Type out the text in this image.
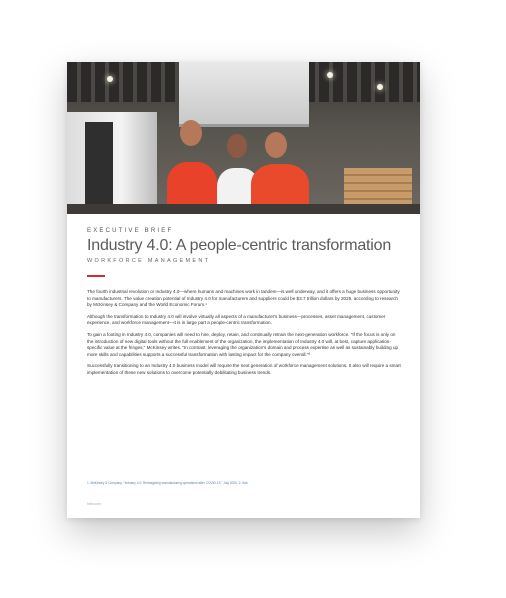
EXECUTIVE BRIEF
Industry 4.0: A people-centric transformation
WORKFORCE MANAGEMENT

The fourth industrial revolution or Industry 4.0—where humans and machines work in tandem—is well underway, and it offers a huge business opportunity to manufacturers. The value creation potential of Industry 4.0 for manufacturers and suppliers could be $3.7 trillion dollars by 2025, according to research by McKinsey & Company and the World Economic Forum.¹

Although the transformation to Industry 4.0 will involve virtually all aspects of a manufacturer's business—processes, asset management, customer experience, and workforce management—it is in large part a people-centric transformation.

To gain a footing in Industry 4.0, companies will need to hire, deploy, retain, and continually retrain the next-generation workforce. "If the focus is only on the introduction of new digital tools without the full enablement of the organization, the implementation of Industry 4.0 will, at best, capture application-specific value at the fringes," McKinsey writes. "In contrast, leveraging the organization's domain and process expertise as well as sustainably building up more skills and capabilities supports a successful transformation with lasting impact for the company overall."²

Successfully transitioning to an Industry 4.0 business model will require the next generation of workforce management solutions. It also will require a smart implementation of these new solutions to overcome potentially debilitating business trends.

1. McKinsey & Company, "Industry 4.0: Reimagining manufacturing operations after COVID-19," July 2020. 2. Ibid.
Infor.com
